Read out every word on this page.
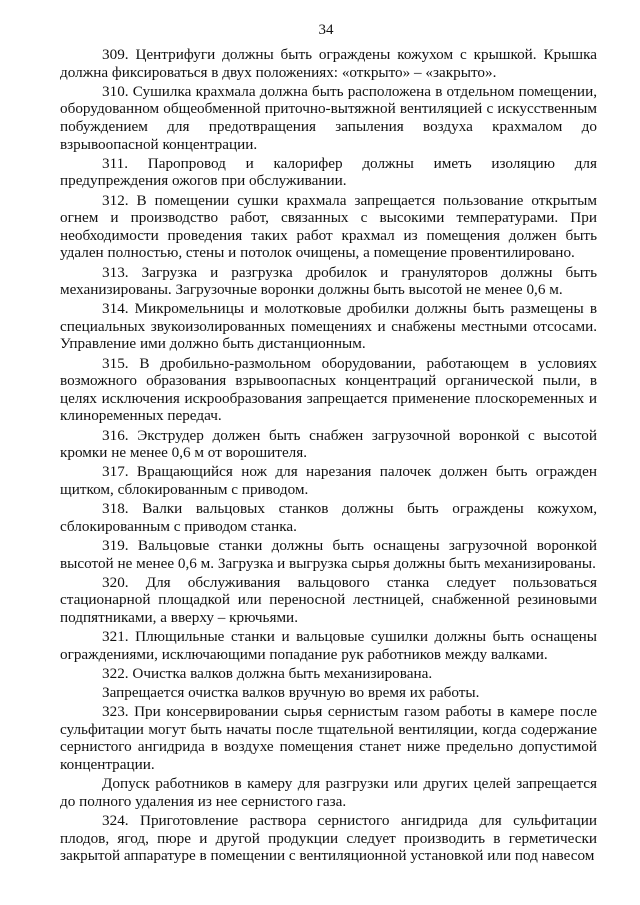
34

309. Центрифуги должны быть ограждены кожухом с крышкой. Крышка должна фиксироваться в двух положениях: «открыто» – «закрыто».

310. Сушилка крахмала должна быть расположена в отдельном помещении, оборудованном общеобменной приточно-вытяжной вентиляцией с искусственным побуждением для предотвращения запыления воздуха крахмалом до взрывоопасной концентрации.

311. Паропровод и калорифер должны иметь изоляцию для предупреждения ожогов при обслуживании.

312. В помещении сушки крахмала запрещается пользование открытым огнем и производство работ, связанных с высокими температурами. При необходимости проведения таких работ крахмал из помещения должен быть удален полностью, стены и потолок очищены, а помещение провентилировано.

313. Загрузка и разгрузка дробилок и грануляторов должны быть механизированы. Загрузочные воронки должны быть высотой не менее 0,6 м.

314. Микромельницы и молотковые дробилки должны быть размещены в специальных звукоизолированных помещениях и снабжены местными отсосами. Управление ими должно быть дистанционным.

315. В дробильно-размольном оборудовании, работающем в условиях возможного образования взрывоопасных концентраций органической пыли, в целях исключения искрообразования запрещается применение плоскоременных и клиноременных передач.

316. Экструдер должен быть снабжен загрузочной воронкой с высотой кромки не менее 0,6 м от ворошителя.

317. Вращающийся нож для нарезания палочек должен быть огражден щитком, сблокированным с приводом.

318. Валки вальцовых станков должны быть ограждены кожухом, сблокированным с приводом станка.

319. Вальцовые станки должны быть оснащены загрузочной воронкой высотой не менее 0,6 м. Загрузка и выгрузка сырья должны быть механизированы.

320. Для обслуживания вальцового станка следует пользоваться стационарной площадкой или переносной лестницей, снабженной резиновыми подпятниками, а вверху – крючьями.

321. Плющильные станки и вальцовые сушилки должны быть оснащены ограждениями, исключающими попадание рук работников между валками.

322. Очистка валков должна быть механизирована.

Запрещается очистка валков вручную во время их работы.

323. При консервировании сырья сернистым газом работы в камере после сульфитации могут быть начаты после тщательной вентиляции, когда содержание сернистого ангидрида в воздухе помещения станет ниже предельно допустимой концентрации.

Допуск работников в камеру для разгрузки или других целей запрещается до полного удаления из нее сернистого газа.

324. Приготовление раствора сернистого ангидрида для сульфитации плодов, ягод, пюре и другой продукции следует производить в герметически закрытой аппаратуре в помещении с вентиляционной установкой или под навесом
